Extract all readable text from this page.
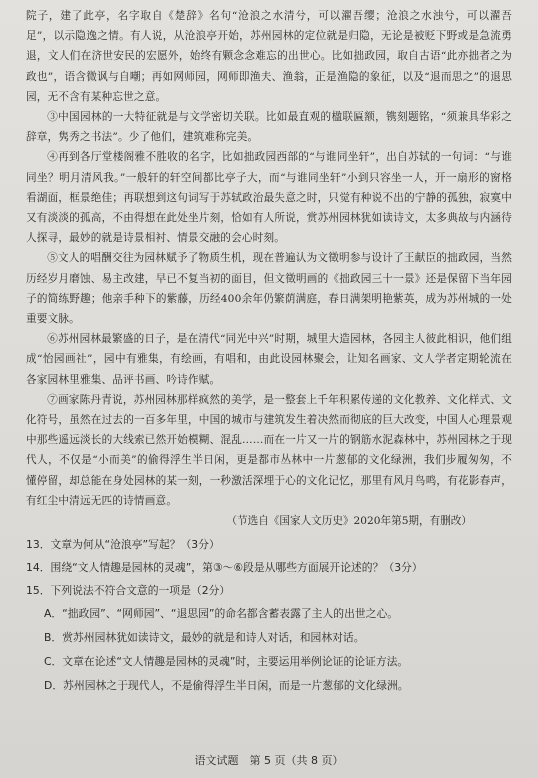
院子，建了此亭，名字取自《楚辞》名句“沧浪之水清兮，可以濯吾缨；沧浪之水浊兮，可以濯吾足”，以示隐逸之情。有人说，从沧浪亭开始，苏州园林的定位就是归隐，无论是被贬下野或是急流勇退，文人们在济世安民的宏愿外，始终有颗念念难忘的出世心。比如拙政园，取自古语“此亦拙者之为政也”，语含微讽与自嘲；再如网师园，网师即渔夫、渔翁，正是渔隐的象征，以及“退而思之”的退思园，无不含有某种忘世之意。

③中国园林的一大特征就是与文学密切关联。比如最直观的楹联匾额，镌刻题铭，“须兼具华彩之辞章，隽秀之书法”。少了他们，建筑难称完美。

④再到各厅堂楼阁雅不胜收的名字，比如拙政园西部的“与谁同坐轩”，出自苏轼的一句词：“与谁同坐？明月清风我。”一般轩的轩空间都比亭子大，而“与谁同坐轩”小到只容坐一人，开一扇形的窗格看湖面，框景绝佳；再联想到这句词写于苏轼政治最失意之时，只觉有种说不出的宁静的孤独，寂寞中又有淡淡的孤高，不由得想在此处坐片刻，恰如有人所说，赏苏州园林犹如读诗文，太多典故与内涵待人探寻，最妙的就是诗景相衬、情景交融的会心时刻。

⑤文人的唱酬交往为园林赋予了物质生机，现在普遍认为文徵明参与设计了王献臣的拙政园，当然历经岁月磨蚀、易主改建，早已不复当初的面目，但文徵明画的《拙政园三十一景》还是保留下当年园子的简练野趣；他亲手种下的紫藤，历经400余年仍繁荫满庭，春日满架明艳紫英，成为苏州城的一处重要文脉。

⑥苏州园林最繁盛的日子，是在清代“同光中兴”时期，城里大造园林，各园主人彼此相识，他们组成“怡园画社”，园中有雅集，有绘画，有唱和，由此设园林聚会，让知名画家、文人学者定期轮流在各家园林里雅集、品评书画、吟诗作赋。

⑦画家陈丹青说，苏州园林那样疯然的美学，是一整套上千年积累传递的文化教养、文化样式、文化符号，虽然在过去的一百多年里，中国的城市与建筑发生着决然而彻底的巨大改变，中国人心理景观中那些遥远淡长的大线索已然开始模糊、混乱……而在一片又一片的钢筋水泥森林中，苏州园林之于现代人，不仅是“小而美”的偷得浮生半日闲，更是都市丛林中一片葱郁的文化绿洲，我们步履匆匆，不懂停留，却总能在身处园林的某一刻，一秒激活深埋于心的文化记忆，那里有风月鸟鸣，有花影春声，有红尘中清远无匹的诗情画意。

（节选自《国家人文历史》2020年第5期，有删改）

13．文章为何从“沧浪亭”写起？（3分）

14．围绕“文人情趣是园林的灵魂”，第③～⑥段是从哪些方面展开论述的？（3分）

15．下列说法不符合文意的一项是（2分）

A．“拙政园”、“网师园”、“退思园”的命名都含蓄表露了主人的出世之心。

B．赏苏州园林犹如读诗文，最妙的就是和诗人对话，和园林对话。

C．文章在论述“文人情趣是园林的灵魂”时，主要运用举例论证的论证方法。

D．苏州园林之于现代人，不是偷得浮生半日闲，而是一片葱郁的文化绿洲。

语文试题　第 5 页（共 8 页）
